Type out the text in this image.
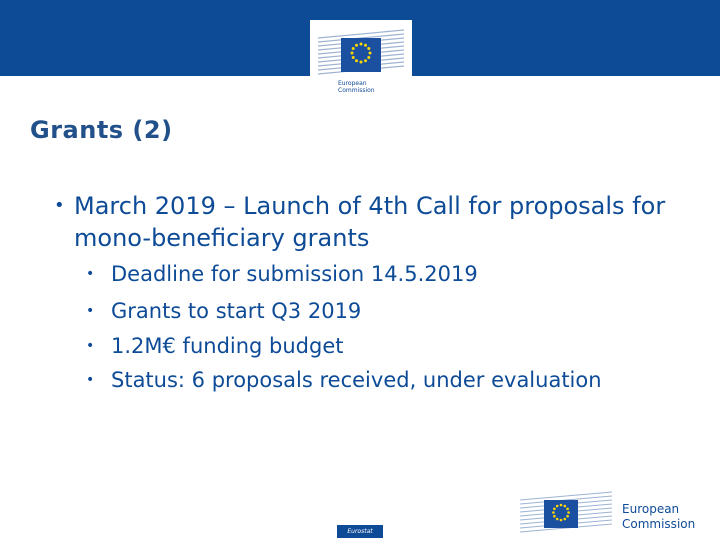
European
Commission
Grants (2)
• March 2019 – Launch of 4th Call for proposals for mono-beneficiary grants
• Deadline for submission 14.5.2019
• Grants to start Q3 2019
• 1.2M€ funding budget
• Status: 6 proposals received, under evaluation
Eurostat
European
Commission
